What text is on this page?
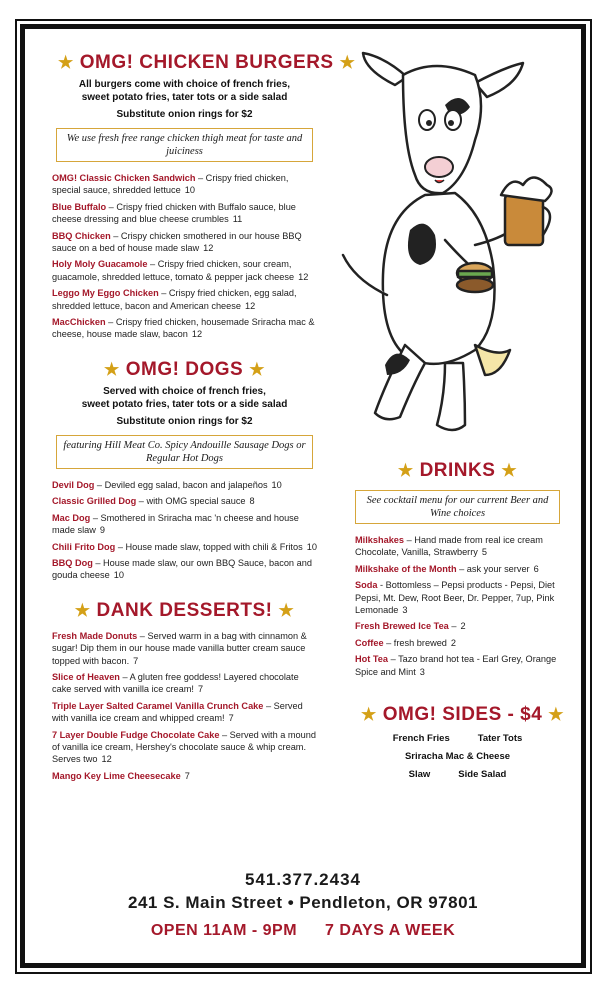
★ OMG! CHICKEN BURGERS ★
All burgers come with choice of french fries,
sweet potato fries, tater tots or a side salad
Substitute onion rings for $2
We use fresh free range chicken thigh meat for taste and juiciness
OMG! Classic Chicken Sandwich – Crispy fried chicken, special sauce, shredded lettuce 10
Blue Buffalo – Crispy fried chicken with Buffalo sauce, blue cheese dressing and blue cheese crumbles 11
BBQ Chicken – Crispy chicken smothered in our house BBQ sauce on a bed of house made slaw 12
Holy Moly Guacamole – Crispy fried chicken, sour cream, guacamole, shredded lettuce, tomato & pepper jack cheese 12
Leggo My Eggo Chicken – Crispy fried chicken, egg salad, shredded lettuce, bacon and American cheese 12
MacChicken – Crispy fried chicken, housemade Sriracha mac & cheese, house made slaw, bacon 12
★ OMG! DOGS ★
Served with choice of french fries,
sweet potato fries, tater tots or a side salad
Substitute onion rings for $2
featuring Hill Meat Co. Spicy Andouille Sausage Dogs or Regular Hot Dogs
Devil Dog – Deviled egg salad, bacon and jalapeños 10
Classic Grilled Dog – with OMG special sauce 8
Mac Dog – Smothered in Sriracha mac 'n cheese and house made slaw 9
Chili Frito Dog – House made slaw, topped with chili & Fritos 10
BBQ Dog – House made slaw, our own BBQ Sauce, bacon and gouda cheese 10
★ DANK DESSERTS! ★
Fresh Made Donuts – Served warm in a bag with cinnamon & sugar! Dip them in our house made vanilla butter cream sauce topped with bacon. 7
Slice of Heaven – A gluten free goddess! Layered chocolate cake served with vanilla ice cream! 7
Triple Layer Salted Caramel Vanilla Crunch Cake – Served with vanilla ice cream and whipped cream! 7
7 Layer Double Fudge Chocolate Cake – Served with a mound of vanilla ice cream, Hershey's chocolate sauce & whip cream. Serves two 12
Mango Key Lime Cheesecake 7
★ DRINKS ★
See cocktail menu for our current Beer and Wine choices
Milkshakes – Hand made from real ice cream Chocolate, Vanilla, Strawberry 5
Milkshake of the Month – ask your server 6
Soda - Bottomless – Pepsi products - Pepsi, Diet Pepsi, Mt. Dew, Root Beer, Dr. Pepper, 7up, Pink Lemonade 3
Fresh Brewed Ice Tea – 2
Coffee – fresh brewed 2
Hot Tea – Tazo brand hot tea - Earl Grey, Orange Spice and Mint 3
★ OMG! SIDES - $4 ★
French Fries	Tater Tots
Sriracha Mac & Cheese
Slaw	Side Salad
541.377.2434
241 S. Main Street • Pendleton, OR 97801
OPEN 11AM - 9PM 7 DAYS A WEEK
